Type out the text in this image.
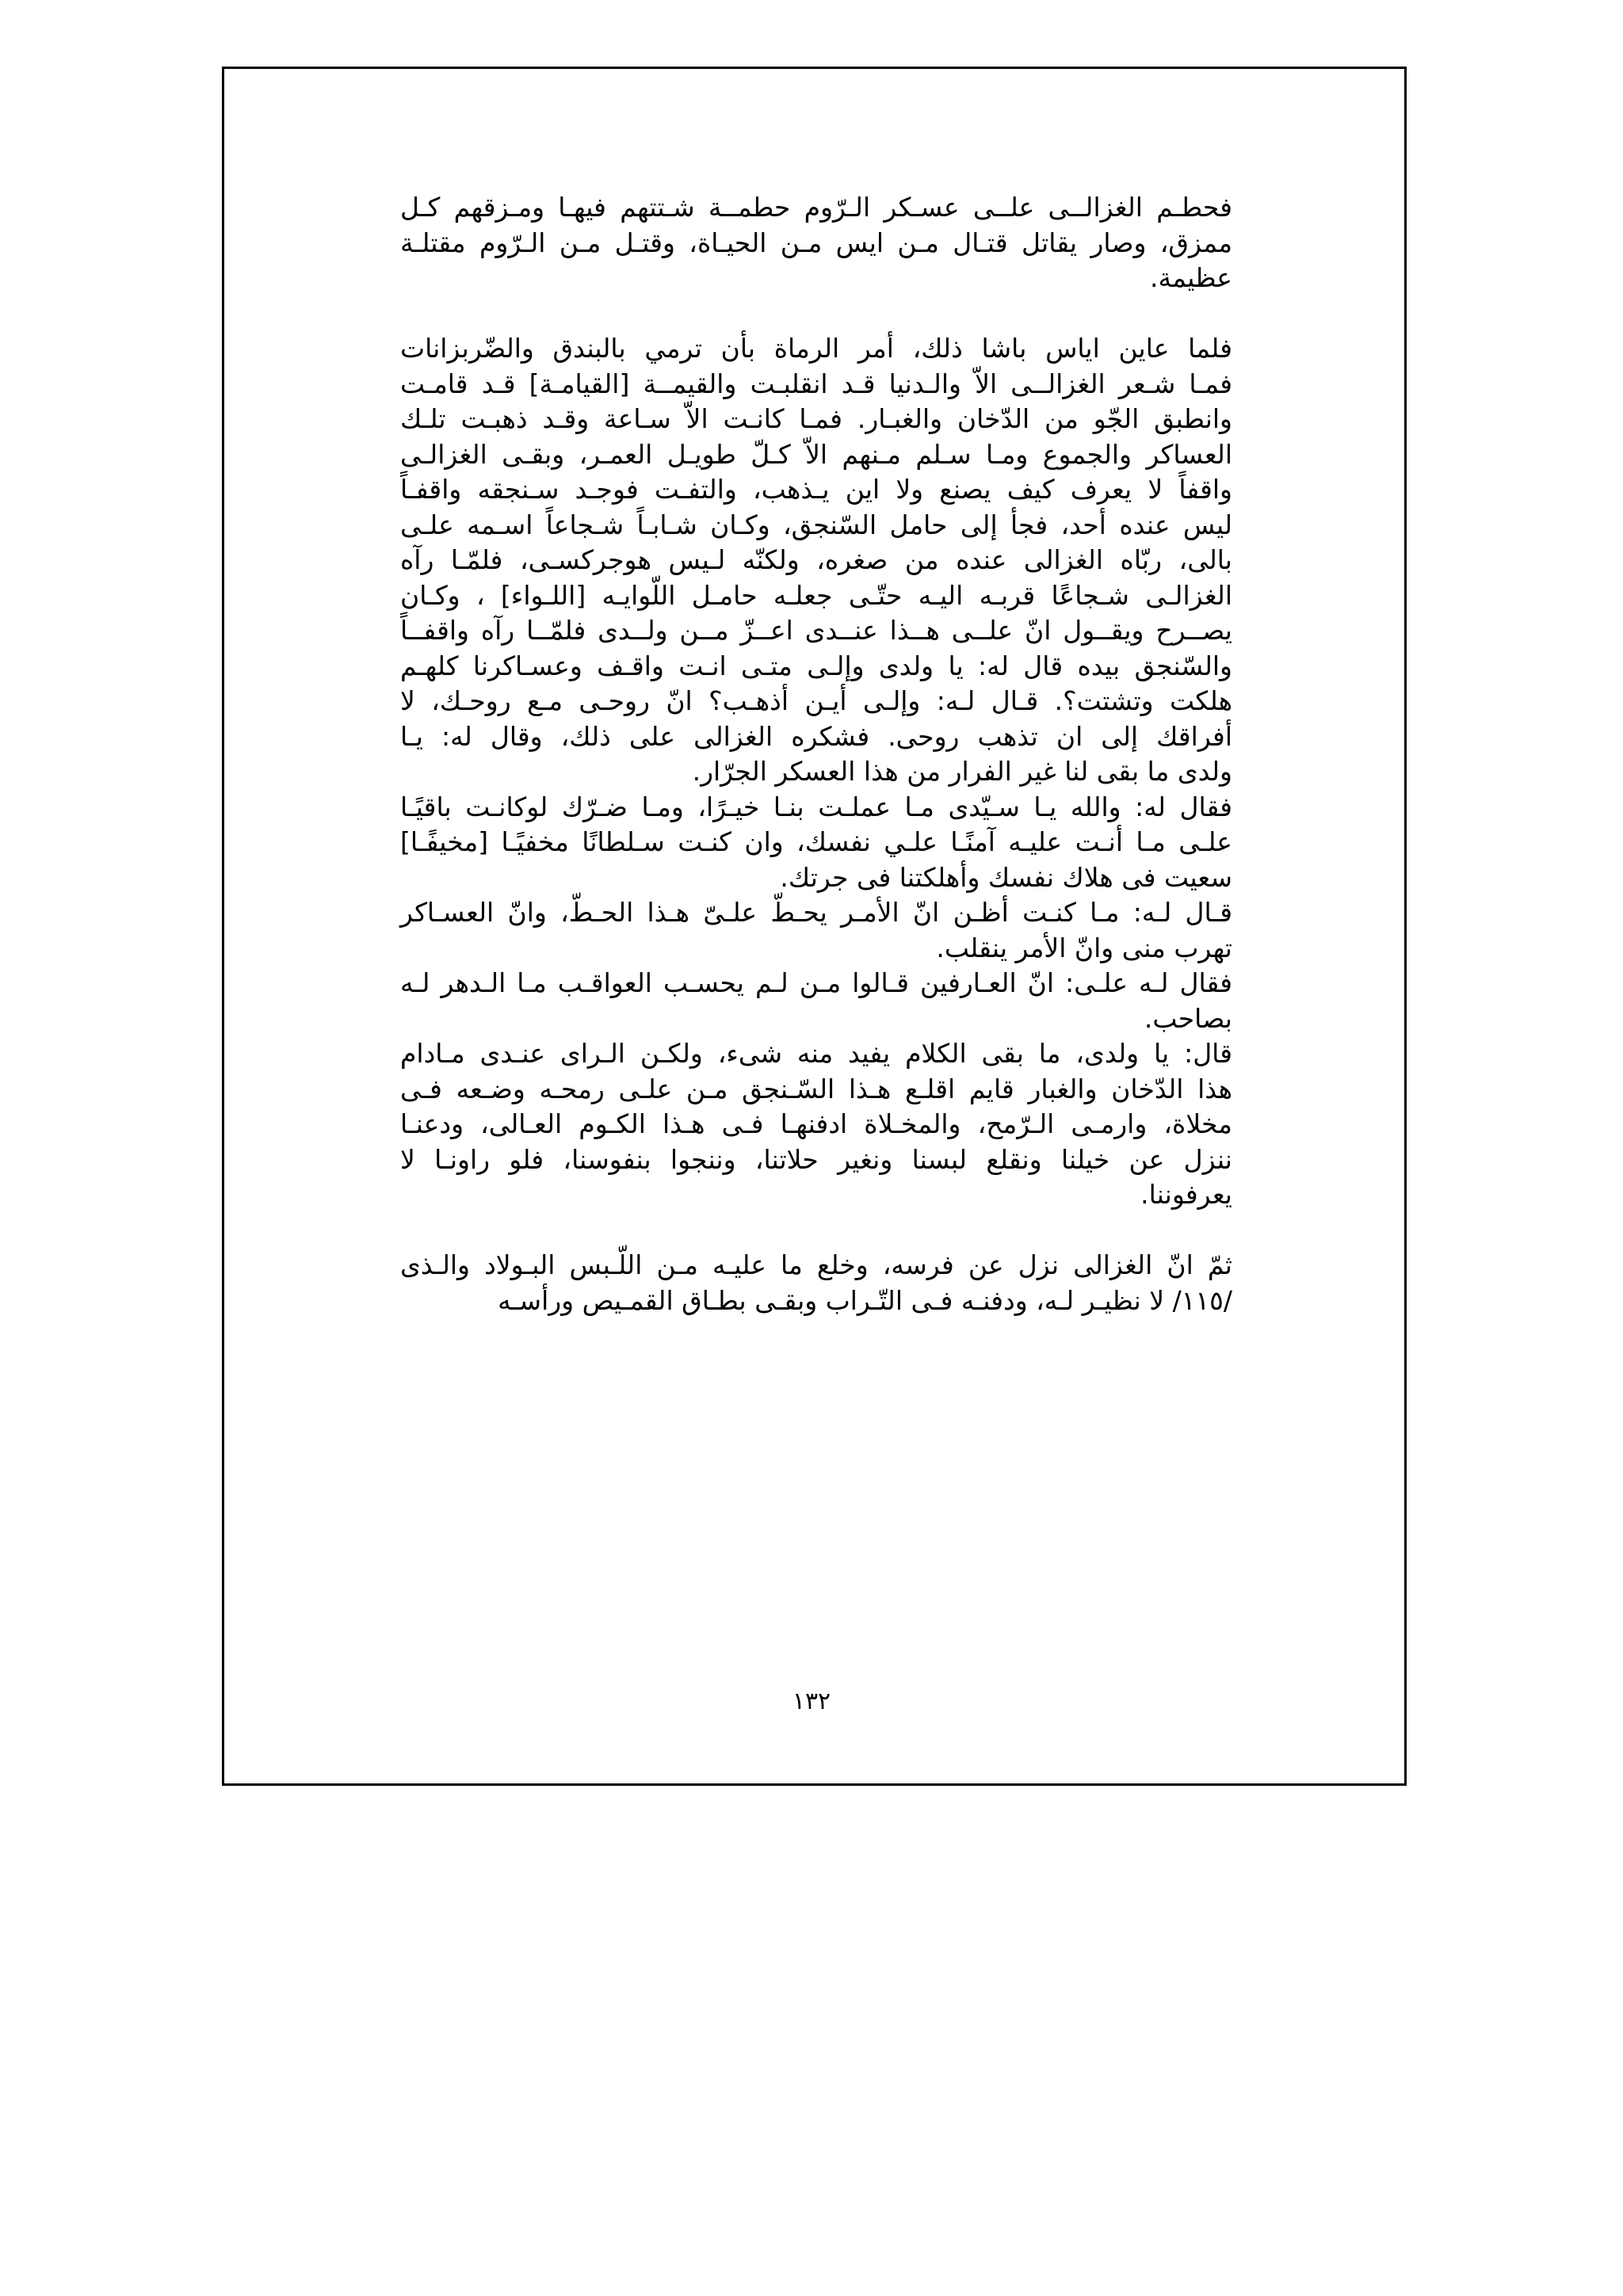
فحطـم الغزالــى علــى عسـكر الـرّوم حطمــة شـتتهم فيهـا ومـزقهم كـل
ممزق، وصار يقاتل قتـال مـن ايس مـن الحيـاة، وقتـل مـن الـرّوم مقتلـة
عظيمة.
فلما عاين اياس باشا ذلك، أمر الرماة بأن ترمي بالبندق والضّربزانات
فمـا شـعر الغزالــى الاّ والـدنيا قـد انقلبـت والقيمــة [القيامـة] قـد قامـت
وانطبق الجّو من الدّخان والغبـار. فمـا كانـت الاّ سـاعة وقـد ذهبـت تلـك
العساكر والجموع ومـا سـلم مـنهم الاّ كـلّ طويـل العمـر، وبقـى الغزالـى
واقفاً لا يعرف كيف يصنع ولا اين يـذهب، والتفـت فوجـد سـنجقه واقفـاً
ليس عنده أحد، فجأ إلى حامل السّنجق، وكـان شـابـاً شـجاعاً اسـمه علـى
بالى، ربّاه الغزالى عنده من صغره، ولكنّه لـيس هوجركسـى، فلمّـا رآه
الغزالـى شـجاعًا قربـه اليـه حتّـى جعلـه حامـل اللّوايـه [اللـواء] ، وكـان
يصــرح ويقــول انّ علــى هــذا عنــدى اعــزّ مــن ولــدى فلمّــا رآه واقفــاً
والسّنجق بيده قال له: يا ولدى وإلـى متـى انـت واقـف وعسـاكرنا كلهـم
هلكت وتشتت؟. قـال لـه: وإلـى أيـن أذهـب؟ انّ روحـى مـع روحـك، لا
أفراقك إلى ان تذهب روحى. فشكره الغزالى على ذلك، وقال له: يـا
ولدى ما بقى لنا غير الفرار من هذا العسكر الجرّار.
فقال له: والله يـا سـيّدى مـا عملـت بنـا خيـرًا، ومـا ضـرّك لوكانـت باقيًـا
علـى مـا أنـت عليـه آمنًـا علـي نفسك، وان كنـت سـلطانًا مخفيًـا [مخيفًـا]
سعيت فى هلاك نفسك وأهلكتنا فى جرتك.
قـال لـه: مـا كنـت أظـن انّ الأمـر يحـطّ علـىّ هـذا الحـطّ، وانّ العسـاكر
تهرب منى وانّ الأمر ينقلب.
فقال لـه علـى: انّ العـارفين قـالوا مـن لـم يحسـب العواقـب مـا الـدهر لـه
بصاحب.
قال: يا ولدى، ما بقى الكلام يفيد منه شىء، ولكـن الـراى عنـدى مـادام
هذا الدّخان والغبار قايم اقلـع هـذا السّـنجق مـن علـى رمحـه وضـعه فـى
مخلاة، وارمـى الـرّمح، والمخـلاة ادفنهـا فـى هـذا الكـوم العـالى، ودعنـا
ننزل عن خيلنا ونقلع لبسنا ونغير حلاتنا، وننجوا بنفوسنا، فلو راونـا لا
يعرفوننا.
ثمّ انّ الغزالى نزل عن فرسه، وخلع ما عليـه مـن اللّـبس البـولاد والـذى
/١١٥/ لا نظيـر لـه، ودفنـه فـى التّـراب وبقـى بطـاق القمـيص ورأسـه
١٣٢
